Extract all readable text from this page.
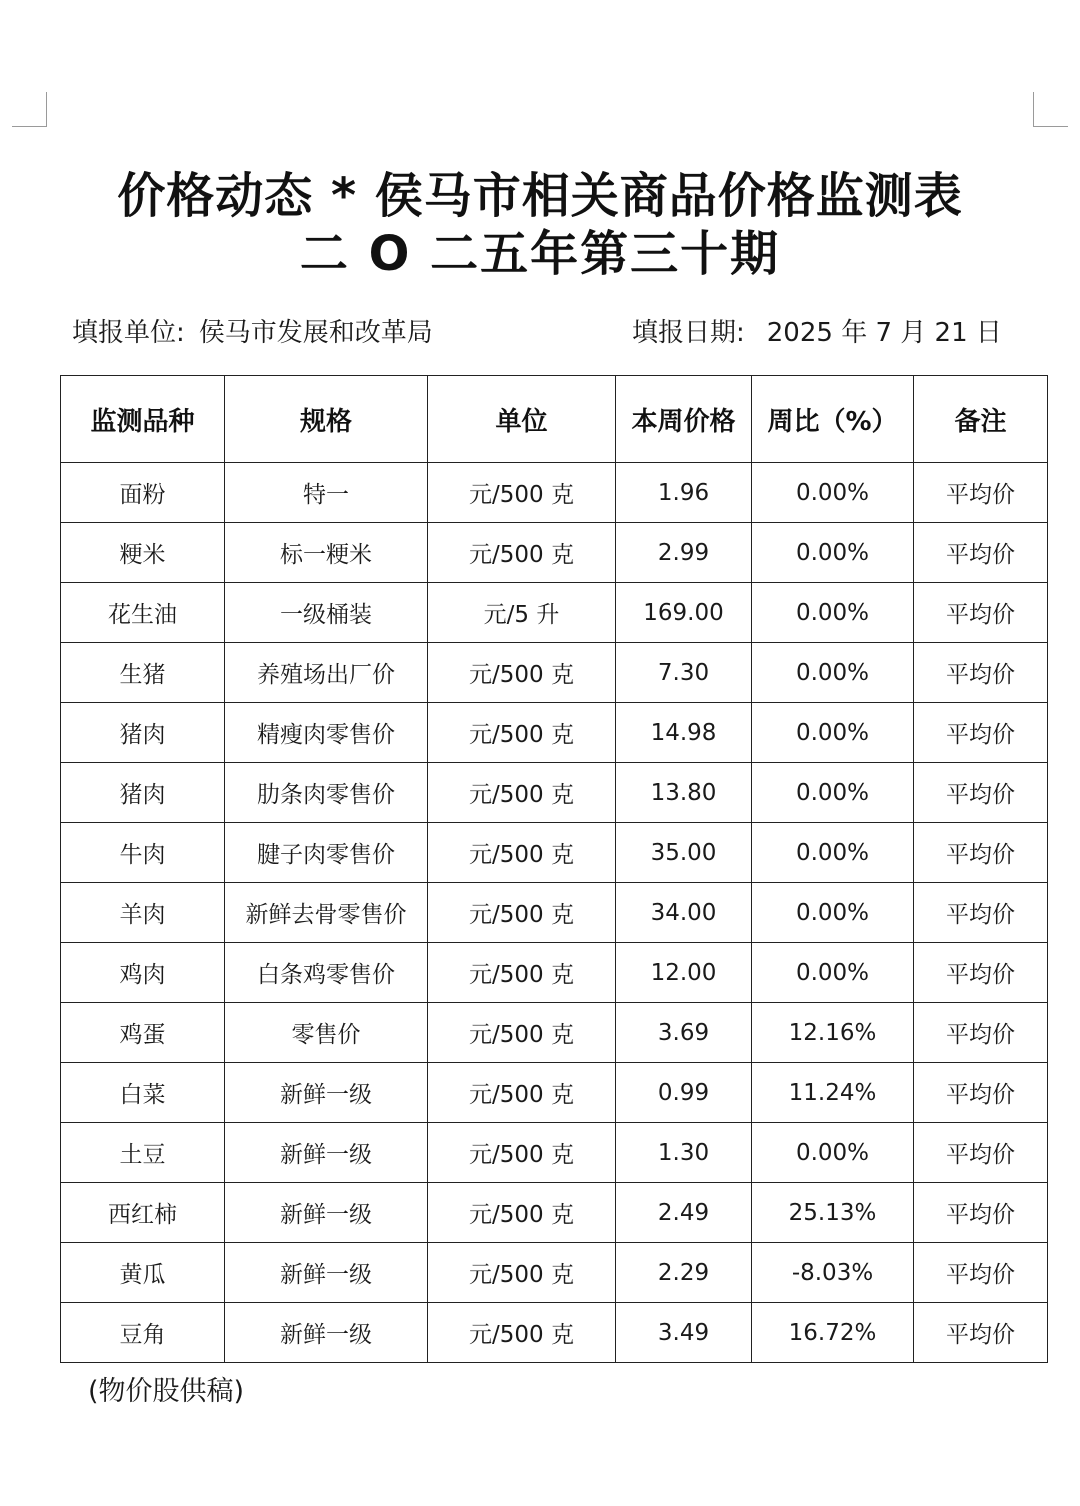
价格动态 * 侯马市相关商品价格监测表
二 O 二五年第三十期
填报单位: 侯马市发展和改革局	填报日期: 2025 年 7 月 21 日
监测品种	规格	单位	本周价格	周比（%）	备注
面粉	特一	元/500 克	1.96	0.00%	平均价
粳米	标一粳米	元/500 克	2.99	0.00%	平均价
花生油	一级桶装	元/5 升	169.00	0.00%	平均价
生猪	养殖场出厂价	元/500 克	7.30	0.00%	平均价
猪肉	精瘦肉零售价	元/500 克	14.98	0.00%	平均价
猪肉	肋条肉零售价	元/500 克	13.80	0.00%	平均价
牛肉	腱子肉零售价	元/500 克	35.00	0.00%	平均价
羊肉	新鲜去骨零售价	元/500 克	34.00	0.00%	平均价
鸡肉	白条鸡零售价	元/500 克	12.00	0.00%	平均价
鸡蛋	零售价	元/500 克	3.69	12.16%	平均价
白菜	新鲜一级	元/500 克	0.99	11.24%	平均价
土豆	新鲜一级	元/500 克	1.30	0.00%	平均价
西红柿	新鲜一级	元/500 克	2.49	25.13%	平均价
黄瓜	新鲜一级	元/500 克	2.29	-8.03%	平均价
豆角	新鲜一级	元/500 克	3.49	16.72%	平均价
(物价股供稿)
